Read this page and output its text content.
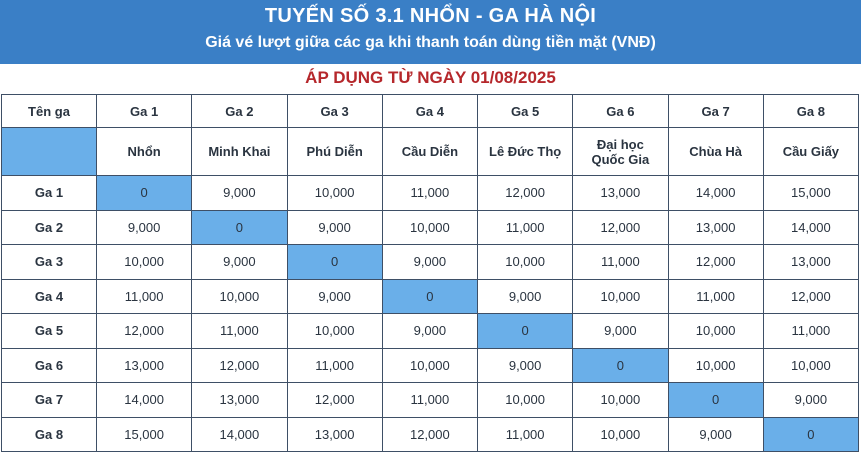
TUYẾN SỐ 3.1 NHỔN - GA HÀ NỘI
Giá vé lượt giữa các ga khi thanh toán dùng tiền mặt (VNĐ)
ÁP DỤNG TỪ NGÀY 01/08/2025
Tên ga	Ga 1	Ga 2	Ga 3	Ga 4	Ga 5	Ga 6	Ga 7	Ga 8
	Nhổn	Minh Khai	Phú Diễn	Cầu Diễn	Lê Đức Thọ	Đại học Quốc Gia	Chùa Hà	Cầu Giấy
Ga 1	0	9,000	10,000	11,000	12,000	13,000	14,000	15,000
Ga 2	9,000	0	9,000	10,000	11,000	12,000	13,000	14,000
Ga 3	10,000	9,000	0	9,000	10,000	11,000	12,000	13,000
Ga 4	11,000	10,000	9,000	0	9,000	10,000	11,000	12,000
Ga 5	12,000	11,000	10,000	9,000	0	9,000	10,000	11,000
Ga 6	13,000	12,000	11,000	10,000	9,000	0	10,000	10,000
Ga 7	14,000	13,000	12,000	11,000	10,000	10,000	0	9,000
Ga 8	15,000	14,000	13,000	12,000	11,000	10,000	9,000	0
